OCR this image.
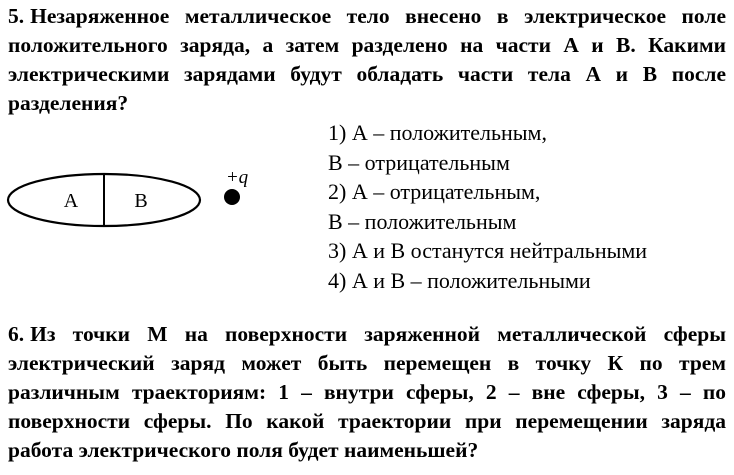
5. Незаряженное металлическое тело внесено в электрическое поле положительного заряда, а затем разделено на части А и В. Какими электрическими зарядами будут обладать части тела А и В после разделения?

А	В
+q
1) А – положительным,
В – отрицательным
2) А – отрицательным,
В – положительным
3) А и В останутся нейтральными
4) А и В – положительными

6. Из точки М на поверхности заряженной металлической сферы электрический заряд может быть перемещен в точку К по трем различным траекториям: 1 – внутри сферы, 2 – вне сферы, 3 – по поверхности сферы. По какой траектории при перемещении заряда работа электрического поля будет наименьшей?
